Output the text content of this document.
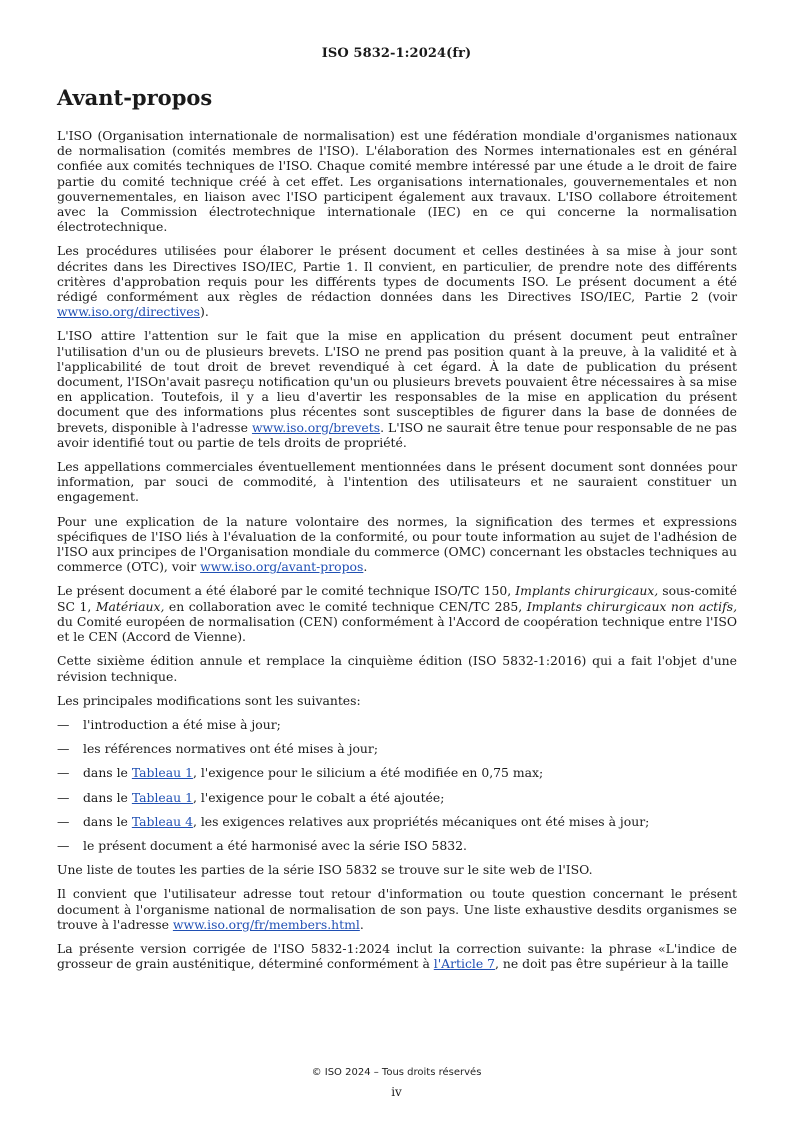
ISO 5832-1:2024(fr)
Avant-propos

L'ISO (Organisation internationale de normalisation) est une fédération mondiale d'organismes nationaux de normalisation (comités membres de l'ISO). L'élaboration des Normes internationales est en général confiée aux comités techniques de l'ISO. Chaque comité membre intéressé par une étude a le droit de faire partie du comité technique créé à cet effet. Les organisations internationales, gouvernementales et non gouvernementales, en liaison avec l'ISO participent également aux travaux. L'ISO collabore étroitement avec la Commission électrotechnique internationale (IEC) en ce qui concerne la normalisation électrotechnique.

Les procédures utilisées pour élaborer le présent document et celles destinées à sa mise à jour sont décrites dans les Directives ISO/IEC, Partie 1. Il convient, en particulier, de prendre note des différents critères d'approbation requis pour les différents types de documents ISO. Le présent document a été rédigé conformément aux règles de rédaction données dans les Directives ISO/IEC, Partie 2 (voir www.iso.org/directives).

L'ISO attire l'attention sur le fait que la mise en application du présent document peut entraîner l'utilisation d'un ou de plusieurs brevets. L'ISO ne prend pas position quant à la preuve, à la validité et à l'applicabilité de tout droit de brevet revendiqué à cet égard. À la date de publication du présent document, l'ISOn'avait pasreçu notification qu'un ou plusieurs brevets pouvaient être nécessaires à sa mise en application. Toutefois, il y a lieu d'avertir les responsables de la mise en application du présent document que des informations plus récentes sont susceptibles de figurer dans la base de données de brevets, disponible à l'adresse www.iso.org/brevets. L'ISO ne saurait être tenue pour responsable de ne pas avoir identifié tout ou partie de tels droits de propriété.

Les appellations commerciales éventuellement mentionnées dans le présent document sont données pour information, par souci de commodité, à l'intention des utilisateurs et ne sauraient constituer un engagement.

Pour une explication de la nature volontaire des normes, la signification des termes et expressions spécifiques de l'ISO liés à l'évaluation de la conformité, ou pour toute information au sujet de l'adhésion de l'ISO aux principes de l'Organisation mondiale du commerce (OMC) concernant les obstacles techniques au commerce (OTC), voir www.iso.org/avant-propos.

Le présent document a été élaboré par le comité technique ISO/TC 150, Implants chirurgicaux, sous-comité SC 1, Matériaux, en collaboration avec le comité technique CEN/TC 285, Implants chirurgicaux non actifs, du Comité européen de normalisation (CEN) conformément à l'Accord de coopération technique entre l'ISO et le CEN (Accord de Vienne).

Cette sixième édition annule et remplace la cinquième édition (ISO 5832-1:2016) qui a fait l'objet d'une révision technique.

Les principales modifications sont les suivantes:

— l'introduction a été mise à jour;
— les références normatives ont été mises à jour;
— dans le Tableau 1, l'exigence pour le silicium a été modifiée en 0,75 max;
— dans le Tableau 1, l'exigence pour le cobalt a été ajoutée;
— dans le Tableau 4, les exigences relatives aux propriétés mécaniques ont été mises à jour;
— le présent document a été harmonisé avec la série ISO 5832.

Une liste de toutes les parties de la série ISO 5832 se trouve sur le site web de l'ISO.

Il convient que l'utilisateur adresse tout retour d'information ou toute question concernant le présent document à l'organisme national de normalisation de son pays. Une liste exhaustive desdits organismes se trouve à l'adresse www.iso.org/fr/members.html.

La présente version corrigée de l'ISO 5832-1:2024 inclut la correction suivante: la phrase «L'indice de grosseur de grain austénitique, déterminé conformément à l'Article 7, ne doit pas être supérieur à la taille

© ISO 2024 – Tous droits réservés
iv
